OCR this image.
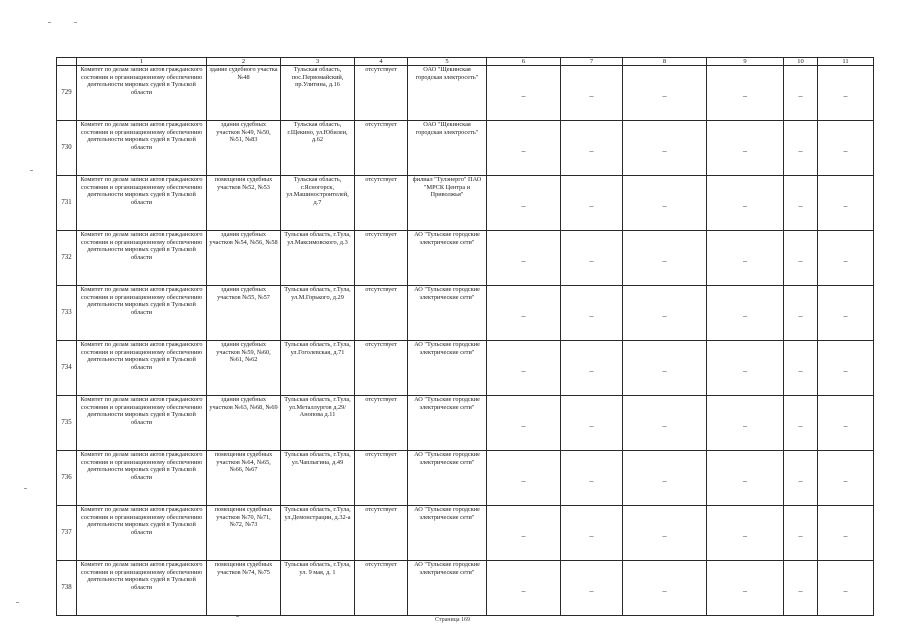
	1	2	3	4	5	6	7	8	9	10	11
729	Комитет по делам записи актов гражданского состояния и организационному обеспечению деятельности мировых судей в Тульской области	здание судебного участка №48	Тульская область, пос.Первомайский, пр.Улитина, д.16	отсутствует	ОАО "Щекинская городская электросеть"	–	–	–	–	–	–
730	Комитет по делам записи актов гражданского состояния и организационному обеспечению деятельности мировых судей в Тульской области	здания судебных участков №49, №50, №51, №83	Тульская область, г.Щекино, ул.Юбилеи, д.62	отсутствует	ОАО "Щекинская городская электросеть"	–	–	–	–	–	–
731	Комитет по делам записи актов гражданского состояния и организационному обеспечению деятельности мировых судей в Тульской области	помещения судебных участков №52, №53	Тульская область, г.Ясногорск, ул.Машиностроителей, д.7	отсутствует	филиал "Тулэнерго" ПАО "МРСК Центра и Приволжья"	–	–	–	–	–	–
732	Комитет по делам записи актов гражданского состояния и организационному обеспечению деятельности мировых судей в Тульской области	здания судебных участков №54, №56, №58	Тульская область, г.Тула, ул.Максимовского, д.3	отсутствует	АО "Тульские городские электрические сети"	–	–	–	–	–	–
733	Комитет по делам записи актов гражданского состояния и организационному обеспечению деятельности мировых судей в Тульской области	здания судебных участков №55, №57	Тульская область, г.Тула, ул.М.Горького, д.29	отсутствует	АО "Тульские городские электрические сети"	–	–	–	–	–	–
734	Комитет по делам записи актов гражданского состояния и организационному обеспечению деятельности мировых судей в Тульской области	здания судебных участков №59, №60, №61, №62	Тульская область, г.Тула, ул.Гоголевская, д.71	отсутствует	АО "Тульские городские электрические сети"	–	–	–	–	–	–
735	Комитет по делам записи актов гражданского состояния и организационному обеспечению деятельности мировых судей в Тульской области	здания судебных участков №63, №68, №69	Тульская область, г.Тула, ул.Металлургов д.29/Анопова д.11	отсутствует	АО "Тульские городские электрические сети"	–	–	–	–	–	–
736	Комитет по делам записи актов гражданского состояния и организационному обеспечению деятельности мировых судей в Тульской области	помещения судебных участков №64, №65, №66, №67	Тульская область, г.Тула, ул.Чаплыгина, д.49	отсутствует	АО "Тульские городские электрические сети"	–	–	–	–	–	–
737	Комитет по делам записи актов гражданского состояния и организационному обеспечению деятельности мировых судей в Тульской области	помещения судебных участков №70, №71, №72, №73	Тульская область, г.Тула, ул.Демонстрации, д.32-а	отсутствует	АО "Тульские городские электрические сети"	–	–	–	–	–	–
738	Комитет по делам записи актов гражданского состояния и организационному обеспечению деятельности мировых судей в Тульской области	помещения судебных участков №74, №75	Тульская область, г.Тула, ул. 9 мая, д. 1	отсутствует	АО "Тульские городские электрические сети"	–	–	–	–	–	–
Страница 169
